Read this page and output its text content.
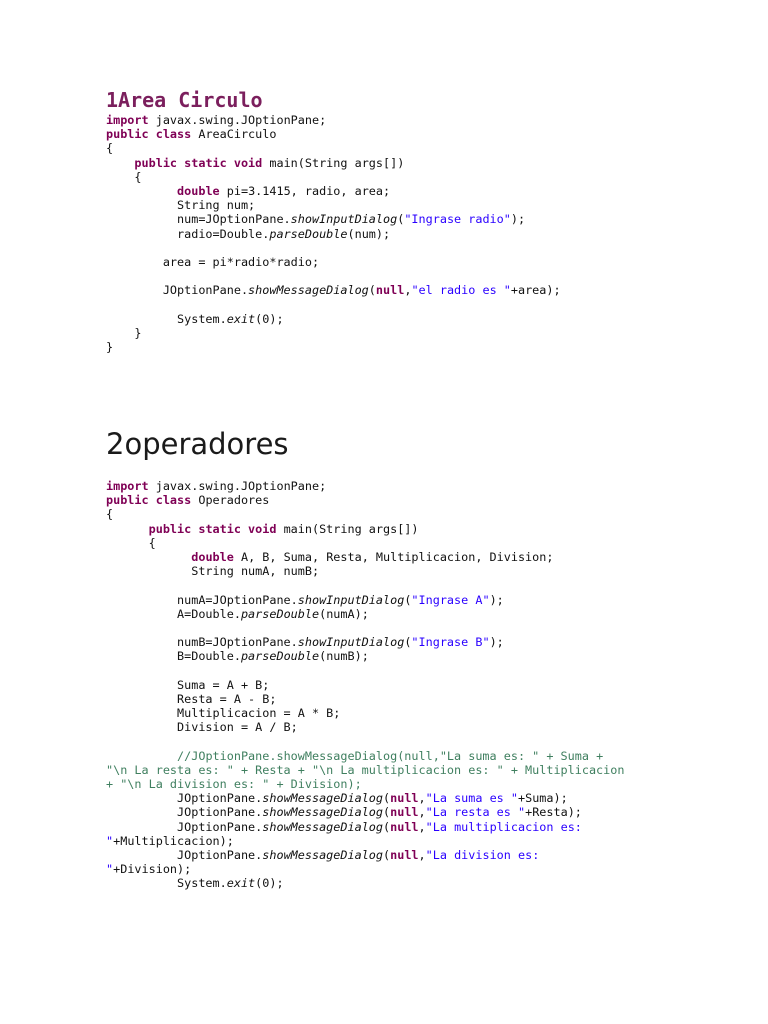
1Area Circulo
import javax.swing.JOptionPane;
public class AreaCirculo
{
public static void main(String args[])
{
double pi=3.1415, radio, area;
String num;
num=JOptionPane.showInputDialog("Ingrase radio");
radio=Double.parseDouble(num);
area = pi*radio*radio;
JOptionPane.showMessageDialog(null,"el radio es "+area);
System.exit(0);
}
}
2operadores
import javax.swing.JOptionPane;
public class Operadores
{
public static void main(String args[])
{
double A, B, Suma, Resta, Multiplicacion, Division;
String numA, numB;
numA=JOptionPane.showInputDialog("Ingrase A");
A=Double.parseDouble(numA);
numB=JOptionPane.showInputDialog("Ingrase B");
B=Double.parseDouble(numB);
Suma = A + B;
Resta = A - B;
Multiplicacion = A * B;
Division = A / B;
//JOptionPane.showMessageDialog(null,"La suma es: " + Suma +
"\n La resta es: " + Resta + "\n La multiplicacion es: " + Multiplicacion
+ "\n La division es: " + Division);
JOptionPane.showMessageDialog(null,"La suma es "+Suma);
JOptionPane.showMessageDialog(null,"La resta es "+Resta);
JOptionPane.showMessageDialog(null,"La multiplicacion es:
"+Multiplicacion);
JOptionPane.showMessageDialog(null,"La division es:
"+Division);
System.exit(0);
